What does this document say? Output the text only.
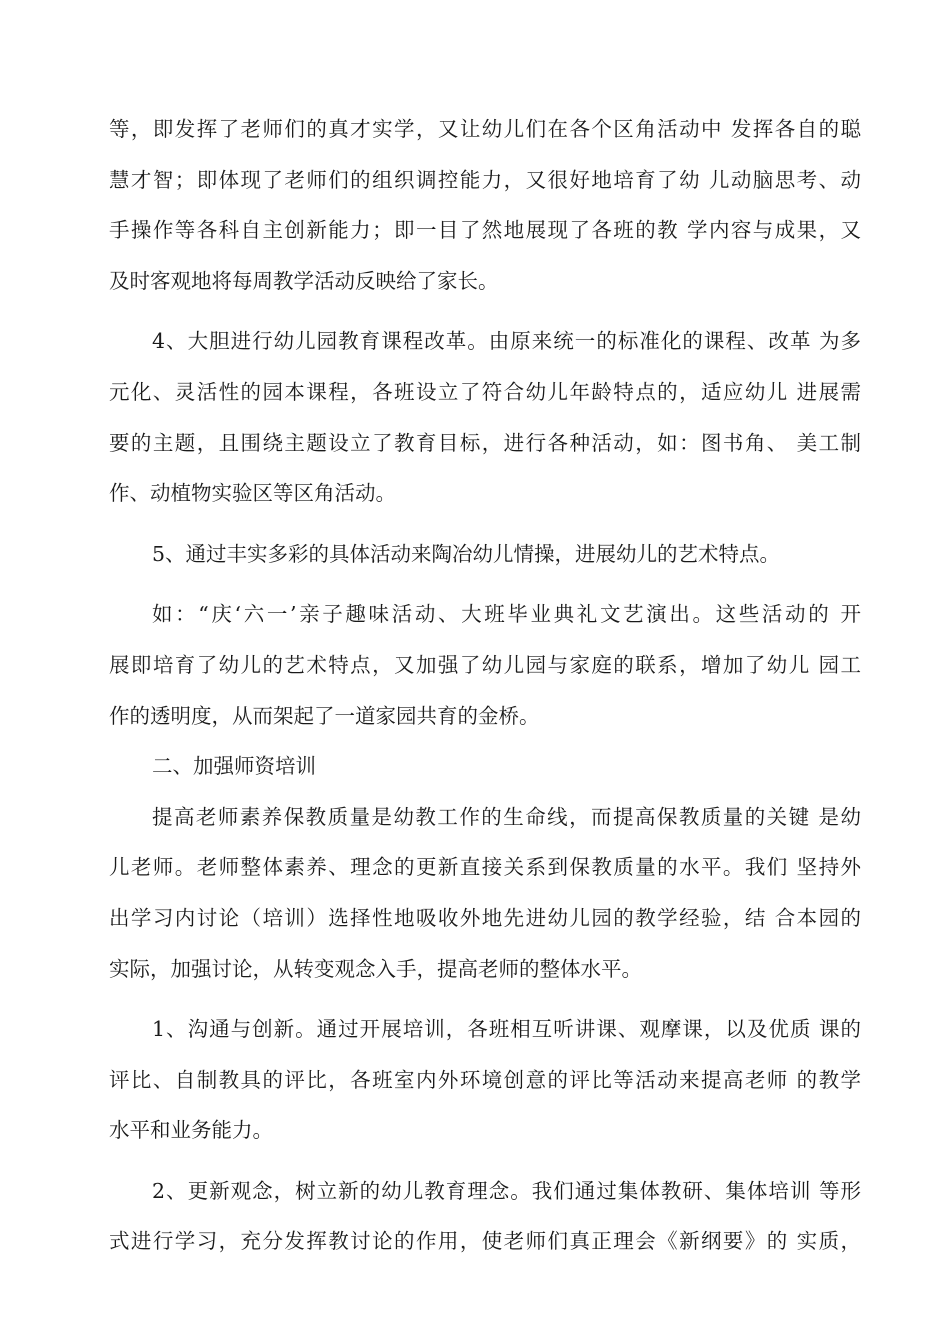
等，即发挥了老师们的真才实学，又让幼儿们在各个区角活动中 发挥各自的聪
慧才智；即体现了老师们的组织调控能力，又很好地培育了幼 儿动脑思考、动
手操作等各科自主创新能力；即一目了然地展现了各班的教 学内容与成果，又
及时客观地将每周教学活动反映给了家长。
4、大胆进行幼儿园教育课程改革。由原来统一的标准化的课程、改革 为多
元化、灵活性的园本课程，各班设立了符合幼儿年龄特点的，适应幼儿 进展需
要的主题，且围绕主题设立了教育目标，进行各种活动，如：图书角、 美工制
作、动植物实验区等区角活动。
5、通过丰实多彩的具体活动来陶冶幼儿情操，进展幼儿的艺术特点。
如：“庆‘六一’亲子趣味活动、大班毕业典礼文艺演出。这些活动的 开
展即培育了幼儿的艺术特点，又加强了幼儿园与家庭的联系，增加了幼儿 园工
作的透明度，从而架起了一道家园共育的金桥。
二、加强师资培训
提高老师素养保教质量是幼教工作的生命线，而提高保教质量的关键 是幼
儿老师。老师整体素养、理念的更新直接关系到保教质量的水平。我们 坚持外
出学习内讨论（培训）选择性地吸收外地先进幼儿园的教学经验，结 合本园的
实际，加强讨论，从转变观念入手，提高老师的整体水平。
1、沟通与创新。通过开展培训，各班相互听讲课、观摩课，以及优质 课的
评比、自制教具的评比，各班室内外环境创意的评比等活动来提高老师 的教学
水平和业务能力。
2、更新观念，树立新的幼儿教育理念。我们通过集体教研、集体培训 等形
式进行学习，充分发挥教讨论的作用，使老师们真正理会《新纲要》的 实质，
